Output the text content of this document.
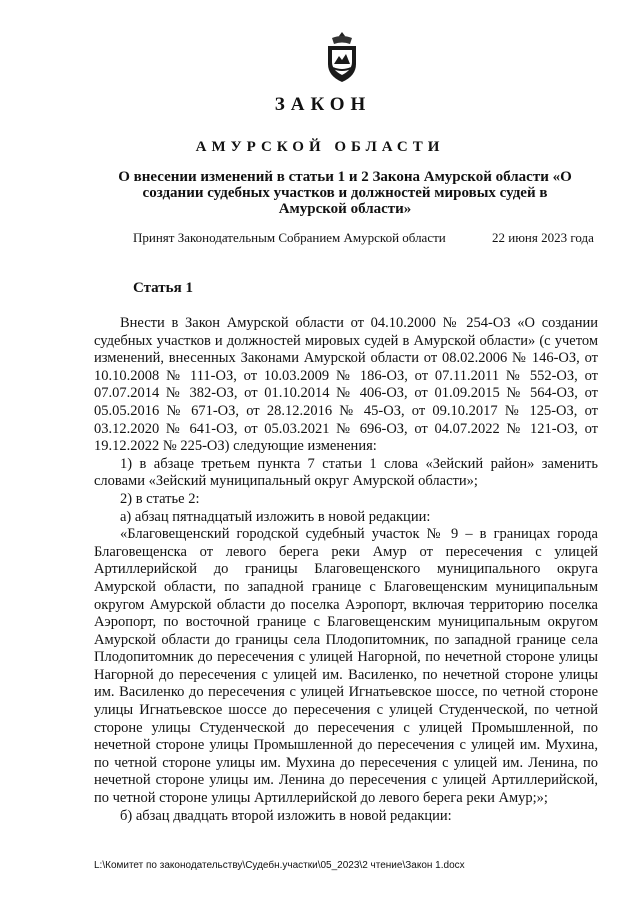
ЗАКОН
АМУРСКОЙ ОБЛАСТИ
О внесении изменений в статьи 1 и 2 Закона Амурской области «О создании судебных участков и должностей мировых судей в Амурской области»
Принят Законодательным Собранием Амурской области	22 июня 2023 года
Статья 1

Внести в Закон Амурской области от 04.10.2000 № 254-ОЗ «О создании судебных участков и должностей мировых судей в Амурской области» (с учетом изменений, внесенных Законами Амурской области от 08.02.2006 № 146-ОЗ, от 10.10.2008 № 111-ОЗ, от 10.03.2009 № 186-ОЗ, от 07.11.2011 № 552-ОЗ, от 07.07.2014 № 382-ОЗ, от 01.10.2014 № 406-ОЗ, от 01.09.2015 № 564-ОЗ, от 05.05.2016 № 671-ОЗ, от 28.12.2016 № 45-ОЗ, от 09.10.2017 № 125-ОЗ, от 03.12.2020 № 641-ОЗ, от 05.03.2021 № 696-ОЗ, от 04.07.2022 № 121-ОЗ, от 19.12.2022 № 225-ОЗ) следующие изменения:

1) в абзаце третьем пункта 7 статьи 1 слова «Зейский район» заменить словами «Зейский муниципальный округ Амурской области»;

2) в статье 2:

а) абзац пятнадцатый изложить в новой редакции:

«Благовещенский городской судебный участок № 9 – в границах города Благовещенска от левого берега реки Амур от пересечения с улицей Артиллерийской до границы Благовещенского муниципального округа Амурской области, по западной границе с Благовещенским муниципальным округом Амурской области до поселка Аэропорт, включая территорию поселка Аэропорт, по восточной границе с Благовещенским муниципальным округом Амурской области до границы села Плодопитомник, по западной границе села Плодопитомник до пересечения с улицей Нагорной, по нечетной стороне улицы Нагорной до пересечения с улицей им. Василенко, по нечетной стороне улицы им. Василенко до пересечения с улицей Игнатьевское шоссе, по четной стороне улицы Игнатьевское шоссе до пересечения с улицей Студенческой, по четной стороне улицы Студенческой до пересечения с улицей Промышленной, по нечетной стороне улицы Промышленной до пересечения с улицей им. Мухина, по четной стороне улицы им. Мухина до пересечения с улицей им. Ленина, по нечетной стороне улицы им. Ленина до пересечения с улицей Артиллерийской, по четной стороне улицы Артиллерийской до левого берега реки Амур;»;

б) абзац двадцать второй изложить в новой редакции:

L:\Комитет по законодательству\Судебн.участки\05_2023\2 чтение\Закон 1.docx
